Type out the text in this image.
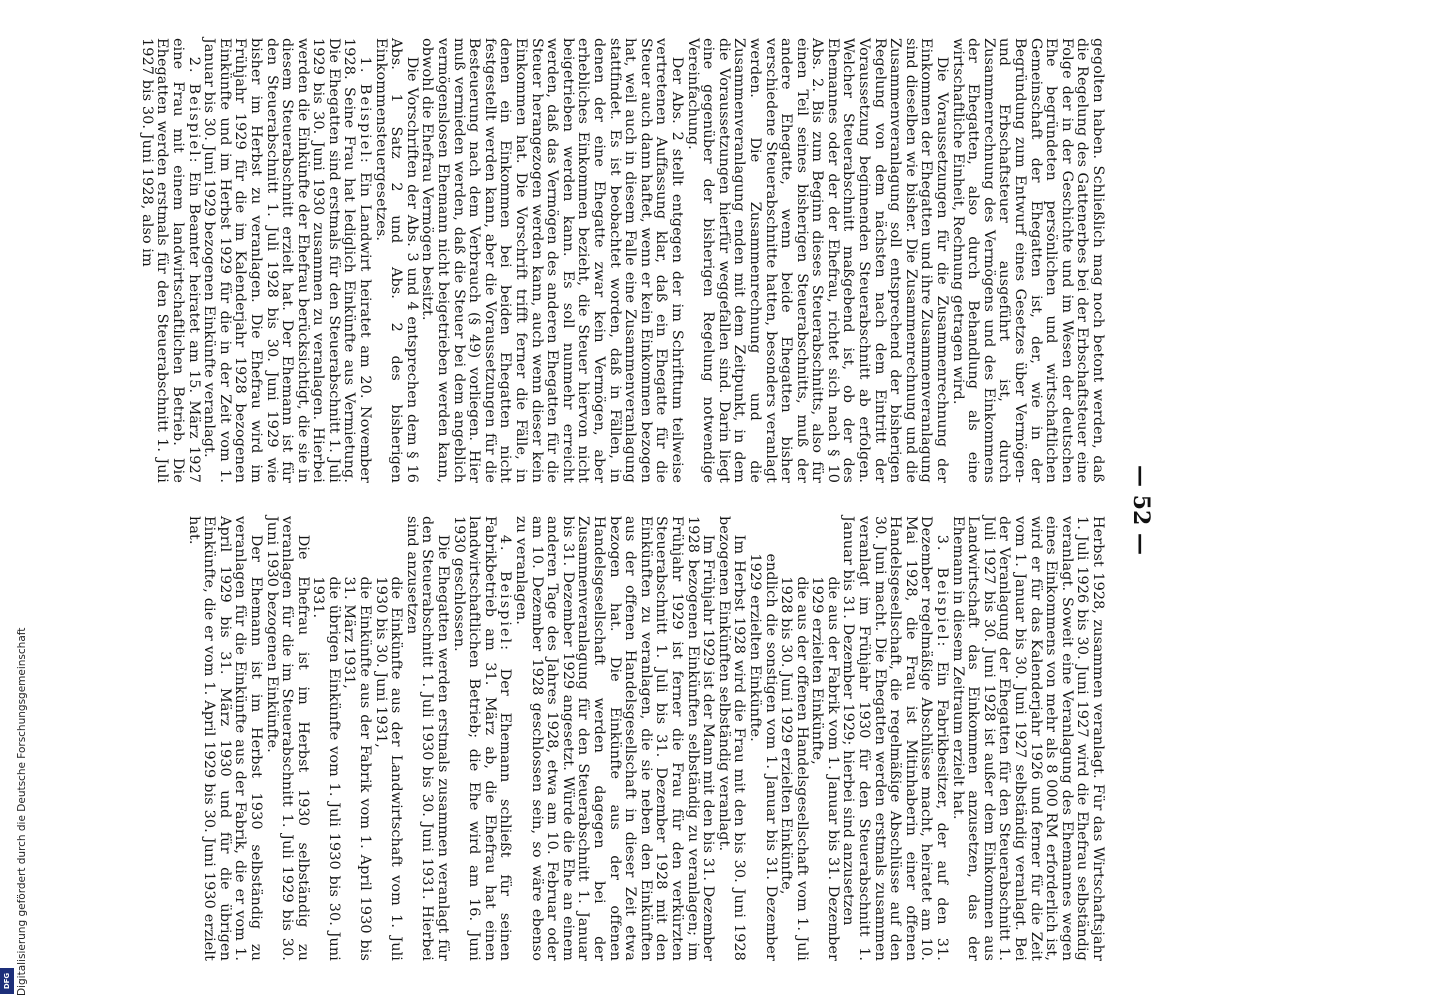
— 52 —

gegolten haben. Schließlich mag noch betont werden, daß die Regelung des Gattenerbes bei der Erbschaftsteuer eine Folge der in der Geschichte und im Wesen der deutschen Ehe begründeten persönlichen und wirtschaftlichen Gemeinschaft der Ehegatten ist, der, wie in der Begründung zum Entwurf eines Gesetzes über Vermögen- und Erbschaftsteuer ausgeführt ist, durch Zusammenrechnung des Vermögens und des Einkommens der Ehegatten, also durch Behandlung als eine wirtschaftliche Einheit, Rechnung getragen wird.

Die Voraussetzungen für die Zusammenrechnung der Einkommen der Ehegatten und ihre Zusammenveranlagung sind dieselben wie bisher. Die Zusammenrechnung und die Zusammenveranlagung soll entsprechend der bisherigen Regelung von dem nächsten nach dem Eintritt der Voraussetzung beginnenden Steuerabschnitt ab erfolgen. Welcher Steuerabschnitt maßgebend ist, ob der des Ehemannes oder der der Ehefrau, richtet sich nach § 10 Abs. 2. Bis zum Beginn dieses Steuerabschnitts, also für einen Teil seines bisherigen Steuerabschnitts, muß der andere Ehegatte, wenn beide Ehegatten bisher verschiedene Steuerabschnitte hatten, besonders veranlagt werden. Die Zusammenrechnung und die Zusammenveranlagung enden mit dem Zeitpunkt, in dem die Voraussetzungen hierfür weggefallen sind. Darin liegt eine gegenüber der bisherigen Regelung notwendige Vereinfachung.

Der Abs. 2 stellt entgegen der im Schrifttum teilweise vertretenen Auffassung klar, daß ein Ehegatte für die Steuer auch dann haftet, wenn er kein Einkommen bezogen hat, weil auch in diesem Falle eine Zusammenveranlagung stattfindet. Es ist beobachtet worden, daß in Fällen, in denen der eine Ehegatte zwar kein Vermögen, aber erhebliches Einkommen bezieht, die Steuer hiervon nicht beigetrieben werden kann. Es soll nunmehr erreicht werden, daß das Vermögen des anderen Ehegatten für die Steuer herangezogen werden kann, auch wenn dieser kein Einkommen hat. Die Vorschrift trifft ferner die Fälle, in denen ein Einkommen bei beiden Ehegatten nicht festgestellt werden kann, aber die Voraussetzungen für die Besteuerung nach dem Verbrauch (§ 49) vorliegen. Hier muß vermieden werden, daß die Steuer bei dem angeblich vermögenslosen Ehemann nicht beigetrieben werden kann, obwohl die Ehefrau Vermögen besitzt.

Die Vorschriften der Abs. 3 und 4 entsprechen dem § 16 Abs. 1 Satz 2 und Abs. 2 des bisherigen Einkommensteuergesetzes.

1. Beispiel: Ein Landwirt heiratet am 20. November 1928. Seine Frau hat lediglich Einkünfte aus Vermietung. Die Ehegatten sind erstmals für den Steuerabschnitt 1. Juli 1929 bis 30. Juni 1930 zusammen zu veranlagen. Hierbei werden die Einkünfte der Ehefrau berücksichtigt, die sie in diesem Steuerabschnitt erzielt hat. Der Ehemann ist für den Steuerabschnitt 1. Juli 1928 bis 30. Juni 1929 wie bisher im Herbst zu veranlagen. Die Ehefrau wird im Frühjahr 1929 für die im Kalenderjahr 1928 bezogenen Einkünfte und im Herbst 1929 für die in der Zeit vom 1. Januar bis 30. Juni 1929 bezogenen Einkünfte veranlagt.

2. Beispiel: Ein Beamter heiratet am 15. März 1927 eine Frau mit einem landwirtschaftlichen Betrieb. Die Ehegatten werden erstmals für den Steuerabschnitt 1. Juli 1927 bis 30. Juni 1928, also im

Herbst 1928, zusammen veranlagt. Für das Wirtschaftsjahr 1. Juli 1926 bis 30. Juni 1927 wird die Ehefrau selbständig veranlagt. Soweit eine Veranlagung des Ehemannes wegen eines Einkommens von mehr als 8 000 RM erforderlich ist, wird er für das Kalenderjahr 1926 und ferner für die Zeit vom 1. Januar bis 30. Juni 1927 selbständig veranlagt. Bei der Veranlagung der Ehegatten für den Steuerabschnitt 1. Juli 1927 bis 30. Juni 1928 ist außer dem Einkommen aus Landwirtschaft das Einkommen anzusetzen, das der Ehemann in diesem Zeitraum erzielt hat.

3. Beispiel: Ein Fabrikbesitzer, der auf den 31. Dezember regelmäßige Abschlüsse macht, heiratet am 10. Mai 1928, die Frau ist Mitinhaberin einer offenen Handelsgesellschaft, die regelmäßige Abschlüsse auf den 30. Juni macht. Die Ehegatten werden erstmals zusammen veranlagt im Frühjahr 1930 für den Steuerabschnitt 1. Januar bis 31. Dezember 1929; hierbei sind anzusetzen

die aus der Fabrik vom 1. Januar bis 31. Dezember 1929 erzielten Einkünfte,

die aus der offenen Handelsgesellschaft vom 1. Juli 1928 bis 30. Juni 1929 erzielten Einkünfte,

endlich die sonstigen vom 1. Januar bis 31. Dezember 1929 erzielten Einkünfte.

Im Herbst 1928 wird die Frau mit den bis 30. Juni 1928 bezogenen Einkünften selbständig veranlagt.

Im Frühjahr 1929 ist der Mann mit den bis 31. Dezember 1928 bezogenen Einkünften selbständig zu veranlagen; im Frühjahr 1929 ist ferner die Frau für den verkürzten Steuerabschnitt 1. Juli bis 31. Dezember 1928 mit den Einkünften zu veranlagen, die sie neben den Einkünften aus der offenen Handelsgesellschaft in dieser Zeit etwa bezogen hat. Die Einkünfte aus der offenen Handelsgesellschaft werden dagegen bei der Zusammenveranlagung für den Steuerabschnitt 1. Januar bis 31. Dezember 1929 angesetzt. Würde die Ehe an einem anderen Tage des Jahres 1928, etwa am 10. Februar oder am 10. Dezember 1928 geschlossen sein, so wäre ebenso zu veranlagen.

4. Beispiel: Der Ehemann schließt für seinen Fabrikbetrieb am 31. März ab, die Ehefrau hat einen landwirtschaftlichen Betrieb; die Ehe wird am 16. Juni 1930 geschlossen.

Die Ehegatten werden erstmals zusammen veranlagt für den Steuerabschnitt 1. Juli 1930 bis 30. Juni 1931. Hierbei sind anzusetzen

die Einkünfte aus der Landwirtschaft vom 1. Juli 1930 bis 30. Juni 1931,

die Einkünfte aus der Fabrik vom 1. April 1930 bis 31. März 1931,

die übrigen Einkünfte vom 1. Juli 1930 bis 30. Juni 1931.

Die Ehefrau ist im Herbst 1930 selbständig zu veranlagen für die im Steuerabschnitt 1. Juli 1929 bis 30. Juni 1930 bezogenen Einkünfte.

Der Ehemann ist im Herbst 1930 selbständig zu veranlagen für die Einkünfte aus der Fabrik, die er vom 1. April 1929 bis 31. März 1930 und für die übrigen Einkünfte, die er vom 1. April 1929 bis 30. Juni 1930 erzielt hat.

Digitalisierung gefördert durch die Deutsche Forschungsgemeinschaft
DFG
